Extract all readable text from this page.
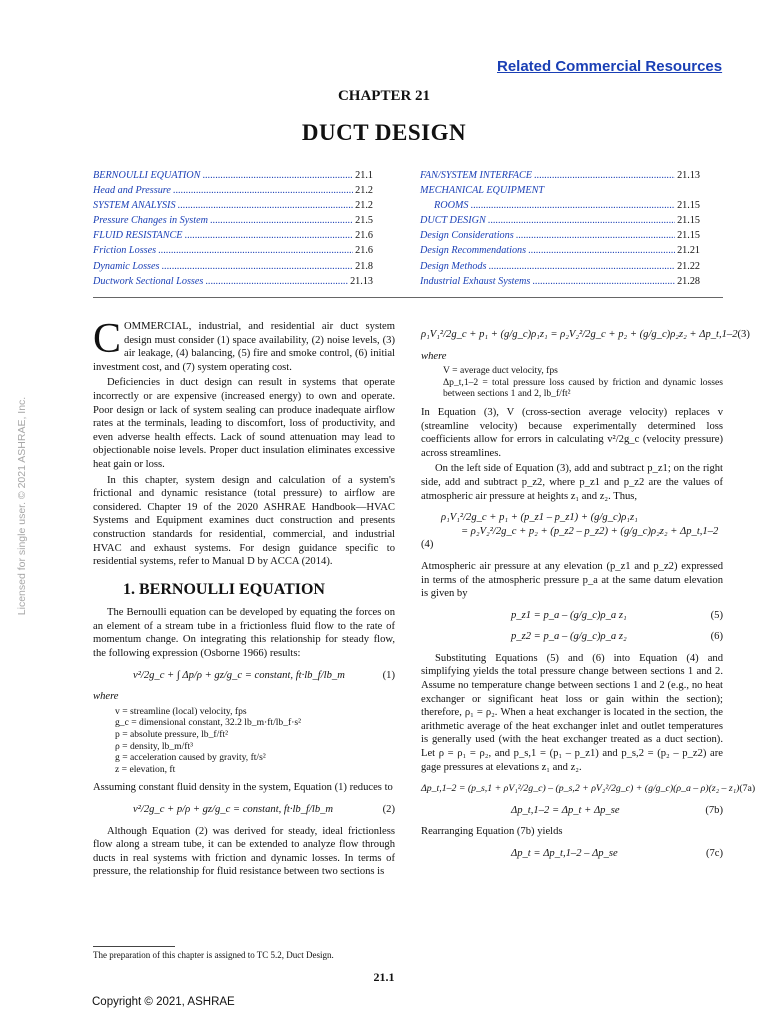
Related Commercial Resources
CHAPTER 21
DUCT DESIGN
BERNOULLI EQUATION .....	21.1
Head and Pressure .....	21.2
SYSTEM ANALYSIS .....	21.2
Pressure Changes in System .....	21.5
FLUID RESISTANCE .....	21.6
Friction Losses .....	21.6
Dynamic Losses .....	21.8
Ductwork Sectional Losses .....	21.13
FAN/SYSTEM INTERFACE .....	21.13
MECHANICAL EQUIPMENT
ROOMS .....	21.15
DUCT DESIGN .....	21.15
Design Considerations .....	21.15
Design Recommendations .....	21.21
Design Methods .....	21.22
Industrial Exhaust Systems .....	21.28

COMMERCIAL, industrial, and residential air duct system design must consider (1) space availability, (2) noise levels, (3) air leakage, (4) balancing, (5) fire and smoke control, (6) initial investment cost, and (7) system operating cost.

Deficiencies in duct design can result in systems that operate incorrectly or are expensive (increased energy) to own and operate. Poor design or lack of system sealing can produce inadequate airflow rates at the terminals, leading to discomfort, loss of productivity, and even adverse health effects. Lack of sound attenuation may lead to objectionable noise levels. Proper duct insulation eliminates excessive heat gain or loss.

In this chapter, system design and calculation of a system's frictional and dynamic resistance (total pressure) to airflow are considered. Chapter 19 of the 2020 ASHRAE Handbook—HVAC Systems and Equipment examines duct construction and presents construction standards for residential, commercial, and industrial HVAC and exhaust systems. For design guidance specific to residential systems, refer to Manual D by ACCA (2014).

1. BERNOULLI EQUATION

The Bernoulli equation can be developed by equating the forces on an element of a stream tube in a frictionless fluid flow to the rate of momentum change. On integrating this relationship for steady flow, the following expression (Osborne 1966) results:

v²/2g_c + ∫ Δp/ρ + gz/g_c = constant, ft·lb_f/lb_m	(1)
where
v = streamline (local) velocity, fps
g_c = dimensional constant, 32.2 lb_m·ft/lb_f·s²
p = absolute pressure, lb_f/ft²
ρ = density, lb_m/ft³
g = acceleration caused by gravity, ft/s²
z = elevation, ft

Assuming constant fluid density in the system, Equation (1) reduces to

v²/2g_c + p/ρ + gz/g_c = constant, ft·lb_f/lb_m	(2)

Although Equation (2) was derived for steady, ideal frictionless flow along a stream tube, it can be extended to analyze flow through ducts in real systems with friction and dynamic losses. In terms of pressure, the relationship for fluid resistance between two sections is

ρ₁V₁²/2g_c + p₁ + (g/g_c)ρ₁z₁ = ρ₂V₂²/2g_c + p₂ + (g/g_c)ρ₂z₂ + Δp_t,1–2 (3)
where
V = average duct velocity, fps
Δp_t,1–2 = total pressure loss caused by friction and dynamic losses between sections 1 and 2, lb_f/ft²

In Equation (3), V (cross-section average velocity) replaces v (streamline velocity) because experimentally determined loss coefficients allow for errors in calculating v²/2g_c (velocity pressure) across streamlines.

On the left side of Equation (3), add and subtract p_z1; on the right side, add and subtract p_z2, where p_z1 and p_z2 are the values of atmospheric air pressure at heights z₁ and z₂. Thus,

ρ₁V₁²/2g_c + p₁ + (p_z1 – p_z1) + (g/g_c)ρ₁z₁
= ρ₂V₂²/2g_c + p₂ + (p_z2 – p_z2) + (g/g_c)ρ₂z₂ + Δp_t,1–2
(4)

Atmospheric air pressure at any elevation (p_z1 and p_z2) expressed in terms of the atmospheric pressure p_a at the same datum elevation is given by

p_z1 = p_a – (g/g_c)ρ_a z₁	(5)
p_z2 = p_a – (g/g_c)ρ_a z₂	(6)

Substituting Equations (5) and (6) into Equation (4) and simplifying yields the total pressure change between sections 1 and 2. Assume no temperature change between sections 1 and 2 (e.g., no heat exchanger or significant heat loss or gain within the section); therefore, ρ₁ = ρ₂. When a heat exchanger is located in the section, the arithmetic average of the heat exchanger inlet and outlet temperatures is generally used (with the heat exchanger treated as a duct section). Let ρ = ρ₁ = ρ₂, and p_s,1 = (p₁ – p_z1) and p_s,2 = (p₂ – p_z2) are gage pressures at elevations z₁ and z₂.

Δp_t,1–2 = (p_s,1 + ρV₁²/2g_c) – (p_s,2 + ρV₂²/2g_c) + (g/g_c)(ρ_a – ρ)(z₂ – z₁) (7a)
Δp_t,1–2 = Δp_t + Δp_se	(7b)

Rearranging Equation (7b) yields

Δp_t = Δp_t,1–2 – Δp_se	(7c)
The preparation of this chapter is assigned to TC 5.2, Duct Design.
21.1
Copyright © 2021, ASHRAE
Licensed for single user. © 2021 ASHRAE, Inc.
